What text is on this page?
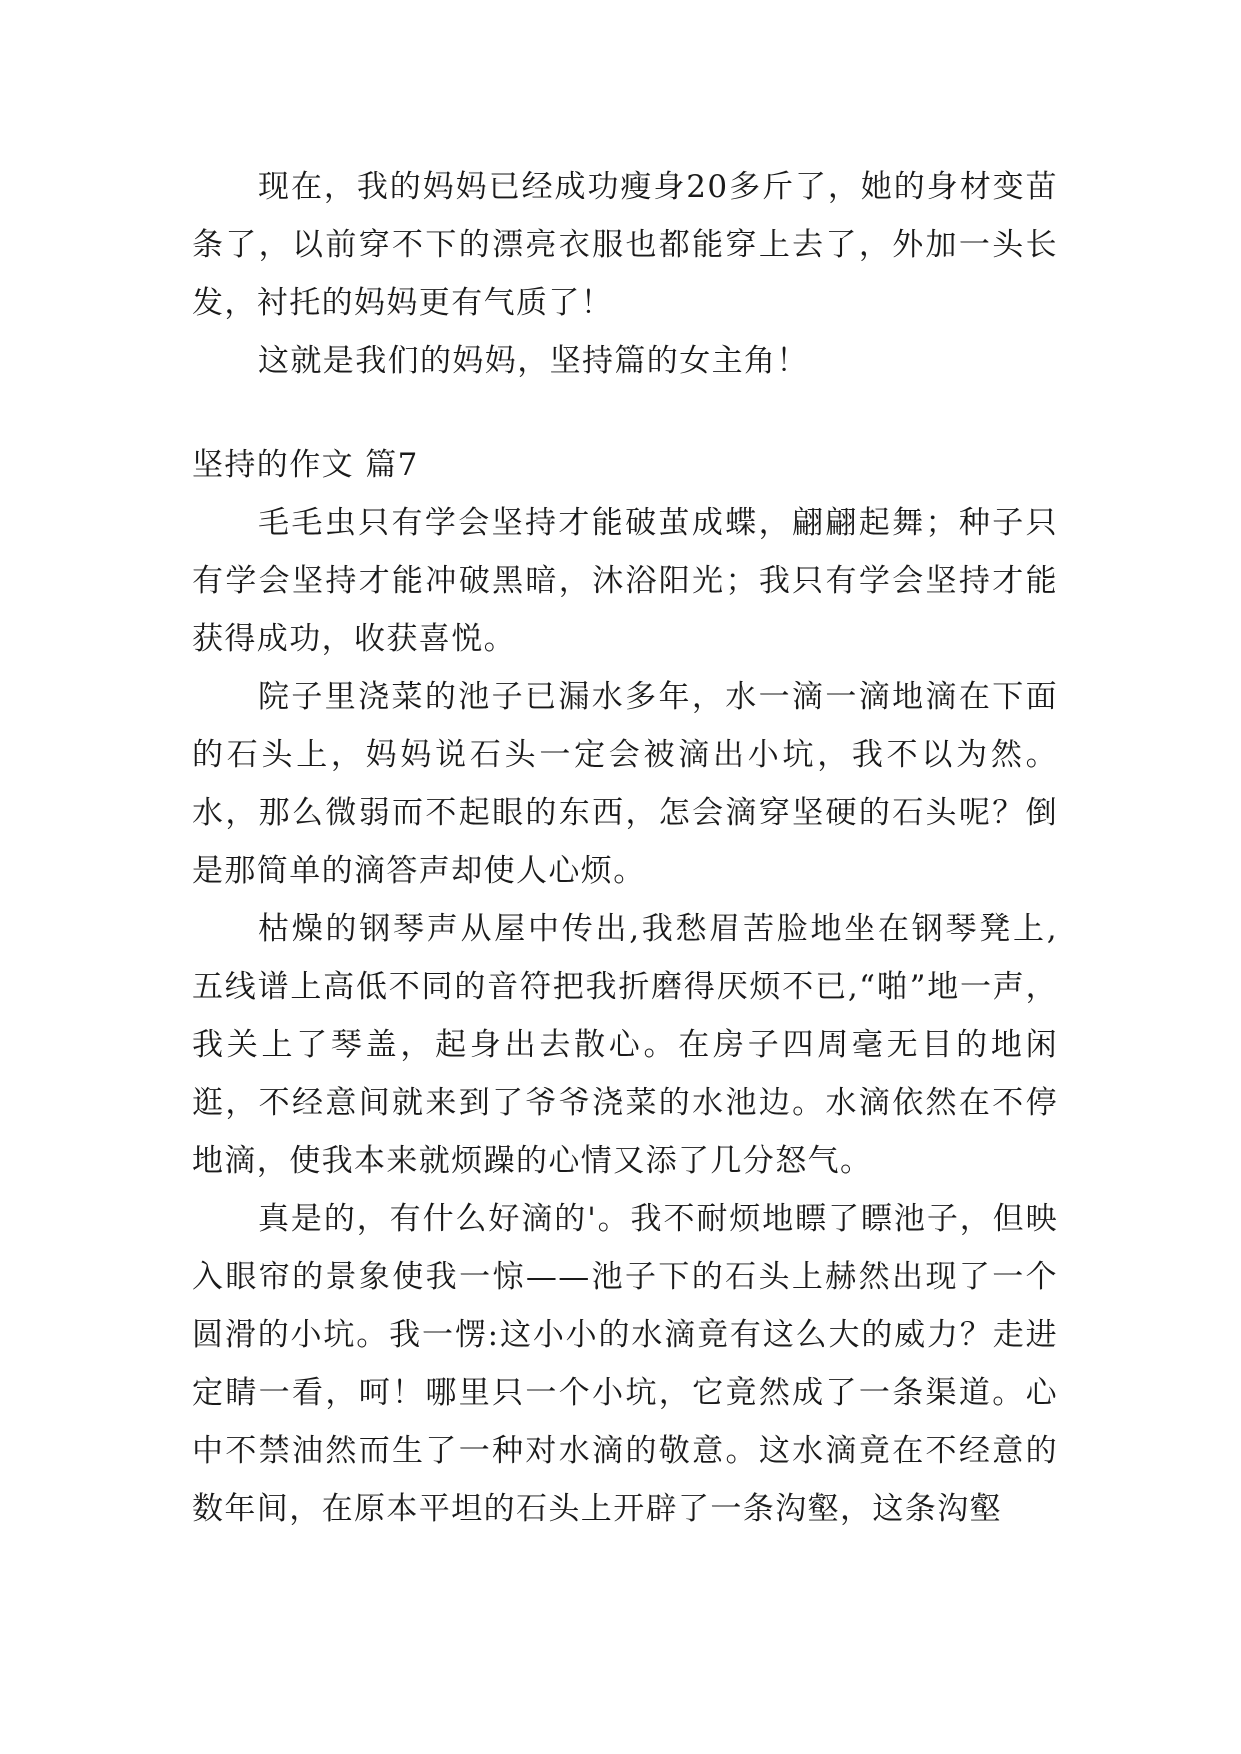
现在，我的妈妈已经成功瘦身20多斤了，她的身材变苗条了，以前穿不下的漂亮衣服也都能穿上去了，外加一头长发，衬托的妈妈更有气质了！

这就是我们的妈妈，坚持篇的女主角！

坚持的作文 篇7

毛毛虫只有学会坚持才能破茧成蝶，翩翩起舞；种子只有学会坚持才能冲破黑暗，沐浴阳光；我只有学会坚持才能获得成功，收获喜悦。

院子里浇菜的池子已漏水多年，水一滴一滴地滴在下面的石头上，妈妈说石头一定会被滴出小坑，我不以为然。水，那么微弱而不起眼的东西，怎会滴穿坚硬的石头呢？倒是那简单的滴答声却使人心烦。

枯燥的钢琴声从屋中传出,我愁眉苦脸地坐在钢琴凳上,五线谱上高低不同的音符把我折磨得厌烦不已,“啪”地一声，我关上了琴盖，起身出去散心。在房子四周毫无目的地闲逛，不经意间就来到了爷爷浇菜的水池边。水滴依然在不停地滴，使我本来就烦躁的心情又添了几分怒气。

真是的，有什么好滴的'。我不耐烦地瞟了瞟池子，但映入眼帘的景象使我一惊——池子下的石头上赫然出现了一个圆滑的小坑。我一愣:这小小的水滴竟有这么大的威力？走进定睛一看，呵！哪里只一个小坑，它竟然成了一条渠道。心中不禁油然而生了一种对水滴的敬意。这水滴竟在不经意的数年间，在原本平坦的石头上开辟了一条沟壑，这条沟壑
